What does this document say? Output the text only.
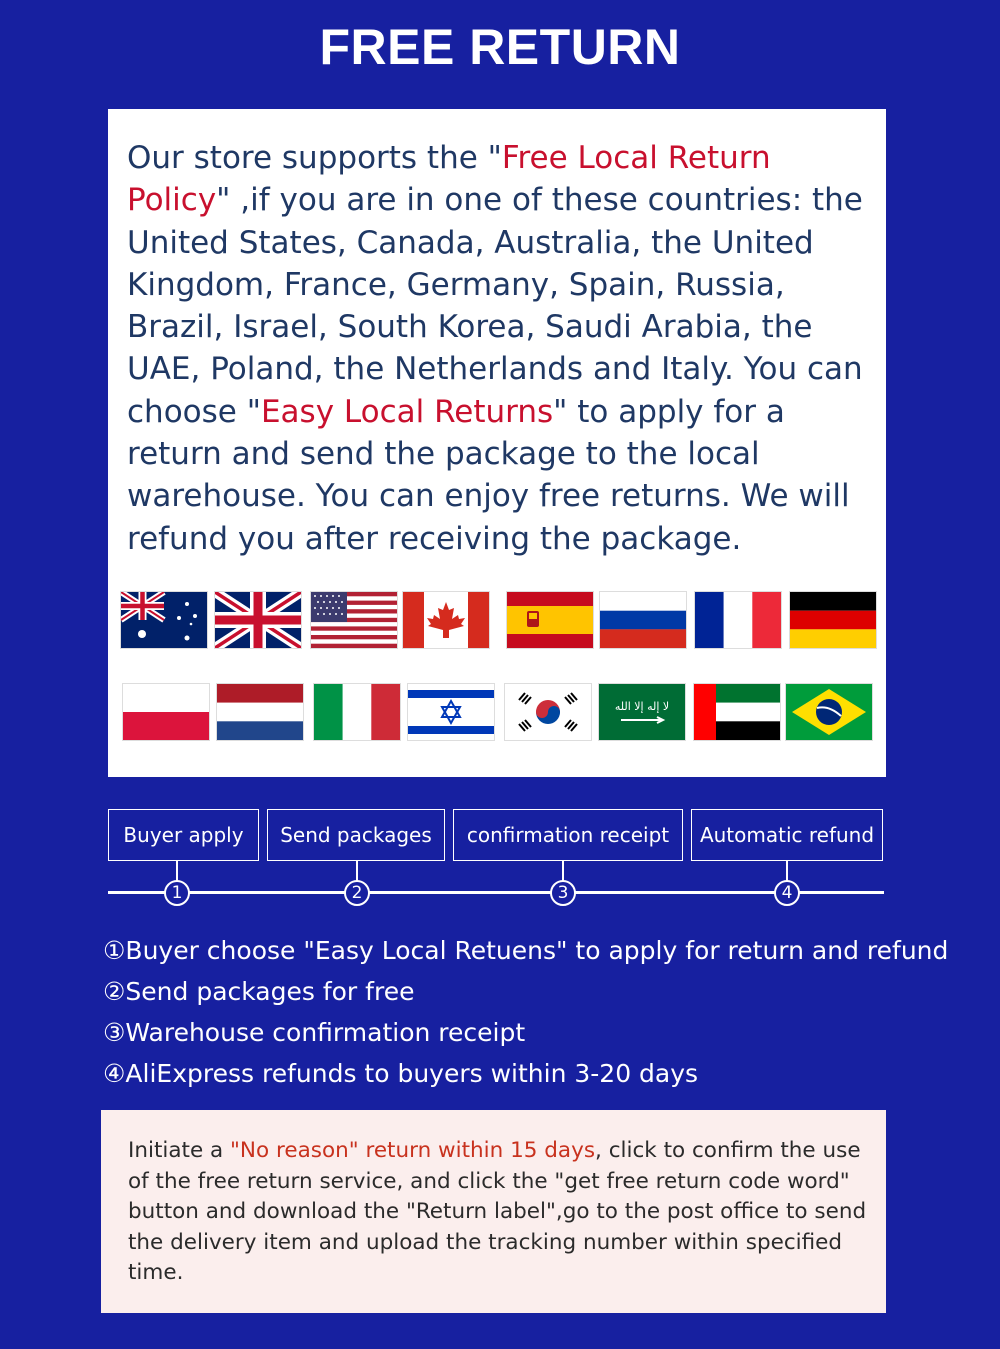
FREE RETURN
Our store supports the "Free Local Return Policy" ,if you are in one of these countries: the United States, Canada, Australia, the United Kingdom, France, Germany, Spain, Russia, Brazil, Israel, South Korea, Saudi Arabia, the UAE, Poland, the Netherlands and Italy. You can choose "Easy Local Returns" to apply for a return and send the package to the local warehouse. You can enjoy free returns. We will refund you after receiving the package.
لا إله إلا الله
Buyer apply	Send packages	confirmation receipt	Automatic refund
1	2	3	4
①Buyer choose "Easy Local Retuens" to apply for return and refund
②Send packages for free
③Warehouse confirmation receipt
④AliExpress refunds to buyers within 3-20 days
Initiate a "No reason" return within 15 days, click to confirm the use of the free return service, and click the "get free return code word" button and download the "Return label",go to the post office to send the delivery item and upload the tracking number within specified time.
